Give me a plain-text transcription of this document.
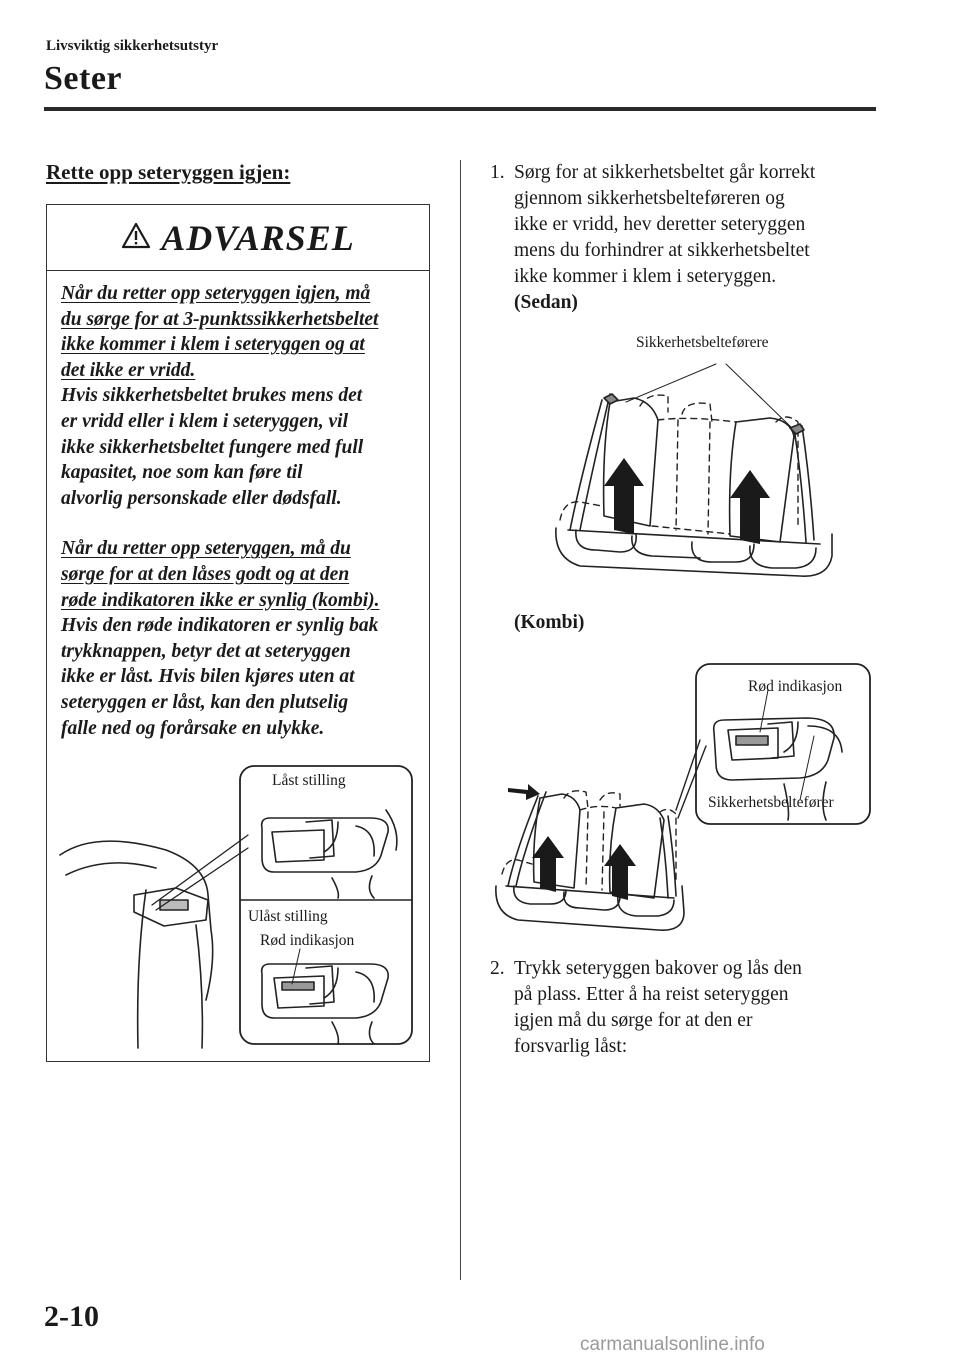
Livsviktig sikkerhetsutstyr
Seter
Rette opp seteryggen igjen:
ADVARSEL
Når du retter opp seteryggen igjen, må
du sørge for at 3-punktssikkerhetsbeltet
ikke kommer i klem i seteryggen og at
det ikke er vridd.
Hvis sikkerhetsbeltet brukes mens det
er vridd eller i klem i seteryggen, vil
ikke sikkerhetsbeltet fungere med full
kapasitet, noe som kan føre til
alvorlig personskade eller dødsfall.
Når du retter opp seteryggen, må du
sørge for at den låses godt og at den
røde indikatoren ikke er synlig (kombi).
Hvis den røde indikatoren er synlig bak
trykknappen, betyr det at seteryggen
ikke er låst. Hvis bilen kjøres uten at
seteryggen er låst, kan den plutselig
falle ned og forårsake en ulykke.
Låst stilling
Ulåst stilling
Rød indikasjon
1. Sørg for at sikkerhetsbeltet går korrekt
gjennom sikkerhetsbelteføreren og
ikke er vridd, hev deretter seteryggen
mens du forhindrer at sikkerhetsbeltet
ikke kommer i klem i seteryggen.
(Sedan)
Sikkerhetsbelteførere
(Kombi)
Rød indikasjon
Sikkerhetsbeltefører
2. Trykk seteryggen bakover og lås den
på plass. Etter å ha reist seteryggen
igjen må du sørge for at den er
forsvarlig låst:
2-10
carmanualsonline.info
